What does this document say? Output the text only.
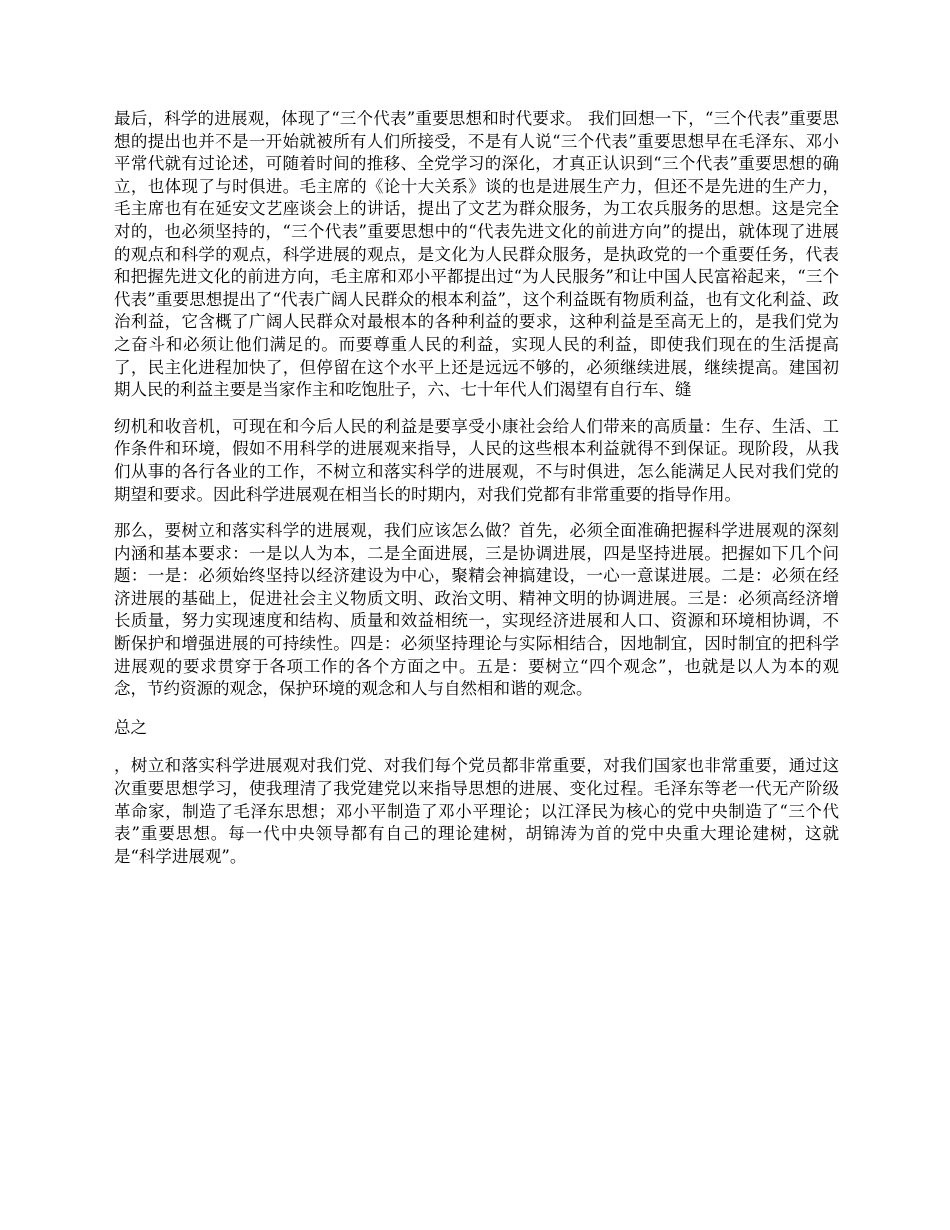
最后，科学的进展观，体现了“三个代表”重要思想和时代要求。 我们回想一下，“三个代表”重要思想的提出也并不是一开始就被所有人们所接受，不是有人说“三个代表”重要思想早在毛泽东、邓小平常代就有过论述，可随着时间的推移、全党学习的深化，才真正认识到“三个代表”重要思想的确立，也体现了与时俱进。毛主席的《论十大关系》谈的也是进展生产力，但还不是先进的生产力，毛主席也有在延安文艺座谈会上的讲话，提出了文艺为群众服务，为工农兵服务的思想。这是完全对的，也必须坚持的，“三个代表”重要思想中的“代表先进文化的前进方向”的提出，就体现了进展的观点和科学的观点，科学进展的观点，是文化为人民群众服务，是执政党的一个重要任务，代表和把握先进文化的前进方向，毛主席和邓小平都提出过“为人民服务”和让中国人民富裕起来，“三个代表”重要思想提出了“代表广阔人民群众的根本利益”，这个利益既有物质利益，也有文化利益、政治利益，它含概了广阔人民群众对最根本的各种利益的要求，这种利益是至高无上的，是我们党为之奋斗和必须让他们满足的。而要尊重人民的利益，实现人民的利益，即使我们现在的生活提高了，民主化进程加快了，但停留在这个水平上还是远远不够的，必须继续进展，继续提高。建国初期人民的利益主要是当家作主和吃饱肚子，六、七十年代人们渴望有自行车、缝

纫机和收音机，可现在和今后人民的利益是要享受小康社会给人们带来的高质量：生存、生活、工作条件和环境，假如不用科学的进展观来指导，人民的这些根本利益就得不到保证。现阶段，从我们从事的各行各业的工作，不树立和落实科学的进展观，不与时俱进，怎么能满足人民对我们党的期望和要求。因此科学进展观在相当长的时期内，对我们党都有非常重要的指导作用。

那么，要树立和落实科学的进展观，我们应该怎么做？首先，必须全面准确把握科学进展观的深刻内涵和基本要求：一是以人为本，二是全面进展，三是协调进展，四是坚持进展。把握如下几个问题：一是：必须始终坚持以经济建设为中心，聚精会神搞建设，一心一意谋进展。二是：必须在经济进展的基础上，促进社会主义物质文明、政治文明、精神文明的协调进展。三是：必须高经济增长质量，努力实现速度和结构、质量和效益相统一，实现经济进展和人口、资源和环境相协调，不断保护和增强进展的可持续性。四是：必须坚持理论与实际相结合，因地制宜，因时制宜的把科学进展观的要求贯穿于各项工作的各个方面之中。五是：要树立“四个观念”，也就是以人为本的观念，节约资源的观念，保护环境的观念和人与自然相和谐的观念。

总之

，树立和落实科学进展观对我们党、对我们每个党员都非常重要，对我们国家也非常重要，通过这次重要思想学习，使我理清了我党建党以来指导思想的进展、变化过程。毛泽东等老一代无产阶级革命家，制造了毛泽东思想；邓小平制造了邓小平理论；以江泽民为核心的党中央制造了“三个代表”重要思想。每一代中央领导都有自己的理论建树，胡锦涛为首的党中央重大理论建树，这就是“科学进展观”。
